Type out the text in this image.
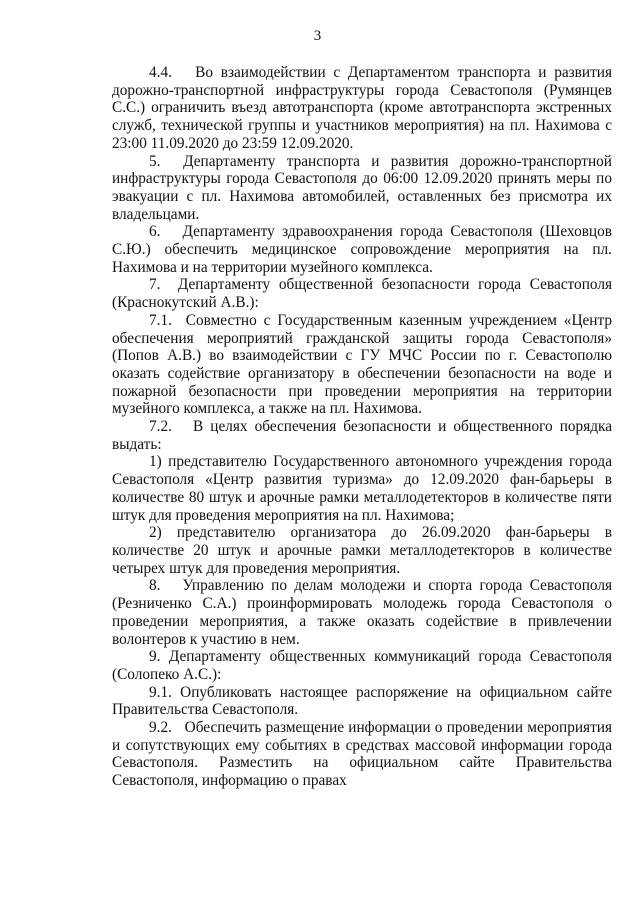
3

4.4.   Во взаимодействии с Департаментом транспорта и развития дорожно-транспортной инфраструктуры города Севастополя (Румянцев С.С.) ограничить въезд автотранспорта (кроме автотранспорта экстренных служб, технической группы и участников мероприятия) на пл. Нахимова с 23:00 11.09.2020 до 23:59 12.09.2020.

5.  Департаменту транспорта и развития дорожно-транспортной инфраструктуры города Севастополя до 06:00 12.09.2020 принять меры по эвакуации с пл. Нахимова автомобилей, оставленных без присмотра их владельцами.

6.   Департаменту здравоохранения города Севастополя (Шеховцов С.Ю.) обеспечить медицинское сопровождение мероприятия на пл. Нахимова и на территории музейного комплекса.

7.  Департаменту общественной безопасности города Севастополя (Краснокутский А.В.):

7.1.  Совместно с Государственным казенным учреждением «Центр обеспечения мероприятий гражданской защиты города Севастополя» (Попов А.В.) во взаимодействии с ГУ МЧС России по г. Севастополю оказать содействие организатору в обеспечении безопасности на воде и пожарной безопасности при проведении мероприятия на территории музейного комплекса, а также на пл. Нахимова.

7.2.   В целях обеспечения безопасности и общественного порядка выдать:

1) представителю Государственного автономного учреждения города Севастополя «Центр развития туризма» до 12.09.2020 фан-барьеры в количестве 80 штук и арочные рамки металлодетекторов в количестве пяти штук для проведения мероприятия на пл. Нахимова;

2) представителю организатора до 26.09.2020 фан-барьеры в количестве 20 штук и арочные рамки металлодетекторов в количестве четырех штук для проведения мероприятия.

8.   Управлению по делам молодежи и спорта города Севастополя (Резниченко С.А.) проинформировать молодежь города Севастополя о проведении мероприятия, а также оказать содействие в привлечении волонтеров к участию в нем.

9. Департаменту общественных коммуникаций города Севастополя (Солопеко А.С.):

9.1. Опубликовать настоящее распоряжение на официальном сайте Правительства Севастополя.

9.2.   Обеспечить размещение информации о проведении мероприятия и сопутствующих ему событиях в средствах массовой информации города Севастополя. Разместить на официальном сайте Правительства Севастополя, информацию о правах
